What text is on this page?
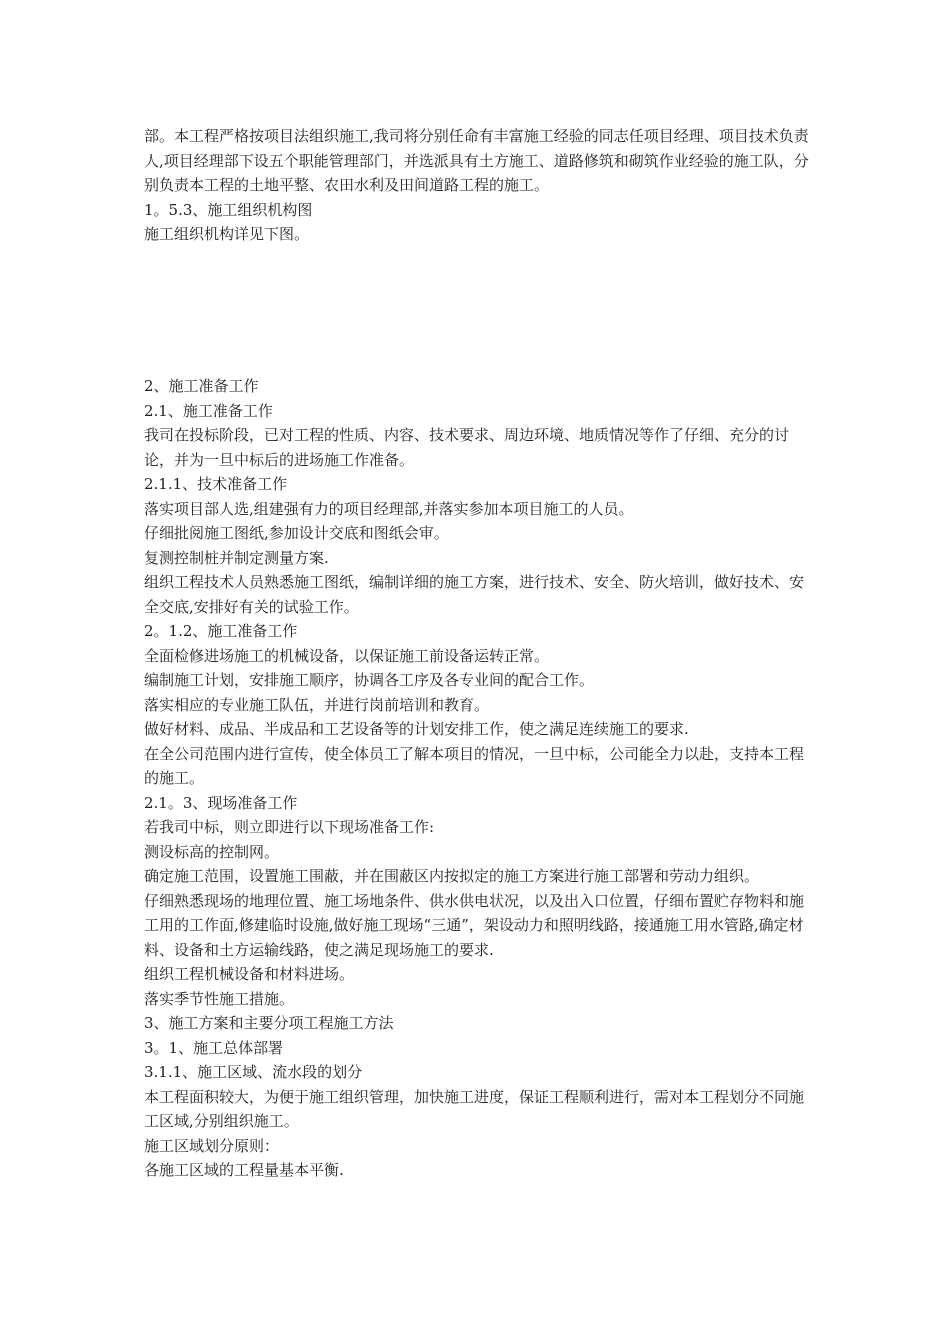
部。本工程严格按项目法组织施工,我司将分别任命有丰富施工经验的同志任项目经理、项目技术负责人,项目经理部下设五个职能管理部门，并选派具有土方施工、道路修筑和砌筑作业经验的施工队，分别负责本工程的土地平整、农田水利及田间道路工程的施工。

1。5.3、施工组织机构图

施工组织机构详见下图。

2、施工准备工作

2.1、施工准备工作

我司在投标阶段，已对工程的性质、内容、技术要求、周边环境、地质情况等作了仔细、充分的讨论，并为一旦中标后的进场施工作准备。

2.1.1、技术准备工作

落实项目部人选,组建强有力的项目经理部,并落实参加本项目施工的人员。

仔细批阅施工图纸,参加设计交底和图纸会审。

复测控制桩并制定测量方案.

组织工程技术人员熟悉施工图纸，编制详细的施工方案，进行技术、安全、防火培训，做好技术、安全交底,安排好有关的试验工作。

2。1.2、施工准备工作

全面检修进场施工的机械设备，以保证施工前设备运转正常。

编制施工计划，安排施工顺序，协调各工序及各专业间的配合工作。

落实相应的专业施工队伍，并进行岗前培训和教育。

做好材料、成品、半成品和工艺设备等的计划安排工作，使之满足连续施工的要求.

在全公司范围内进行宣传，使全体员工了解本项目的情况，一旦中标，公司能全力以赴，支持本工程的施工。

2.1。3、现场准备工作

若我司中标，则立即进行以下现场准备工作:

测设标高的控制网。

确定施工范围，设置施工围蔽，并在围蔽区内按拟定的施工方案进行施工部署和劳动力组织。

仔细熟悉现场的地理位置、施工场地条件、供水供电状况，以及出入口位置，仔细布置贮存物料和施工用的工作面,修建临时设施,做好施工现场“三通”，架设动力和照明线路，接通施工用水管路,确定材料、设备和土方运输线路，使之满足现场施工的要求.

组织工程机械设备和材料进场。

落实季节性施工措施。

3、施工方案和主要分项工程施工方法

3。1、施工总体部署

3.1.1、施工区域、流水段的划分

本工程面积较大，为便于施工组织管理，加快施工进度，保证工程顺利进行，需对本工程划分不同施工区域,分别组织施工。

施工区域划分原则：

各施工区域的工程量基本平衡.
